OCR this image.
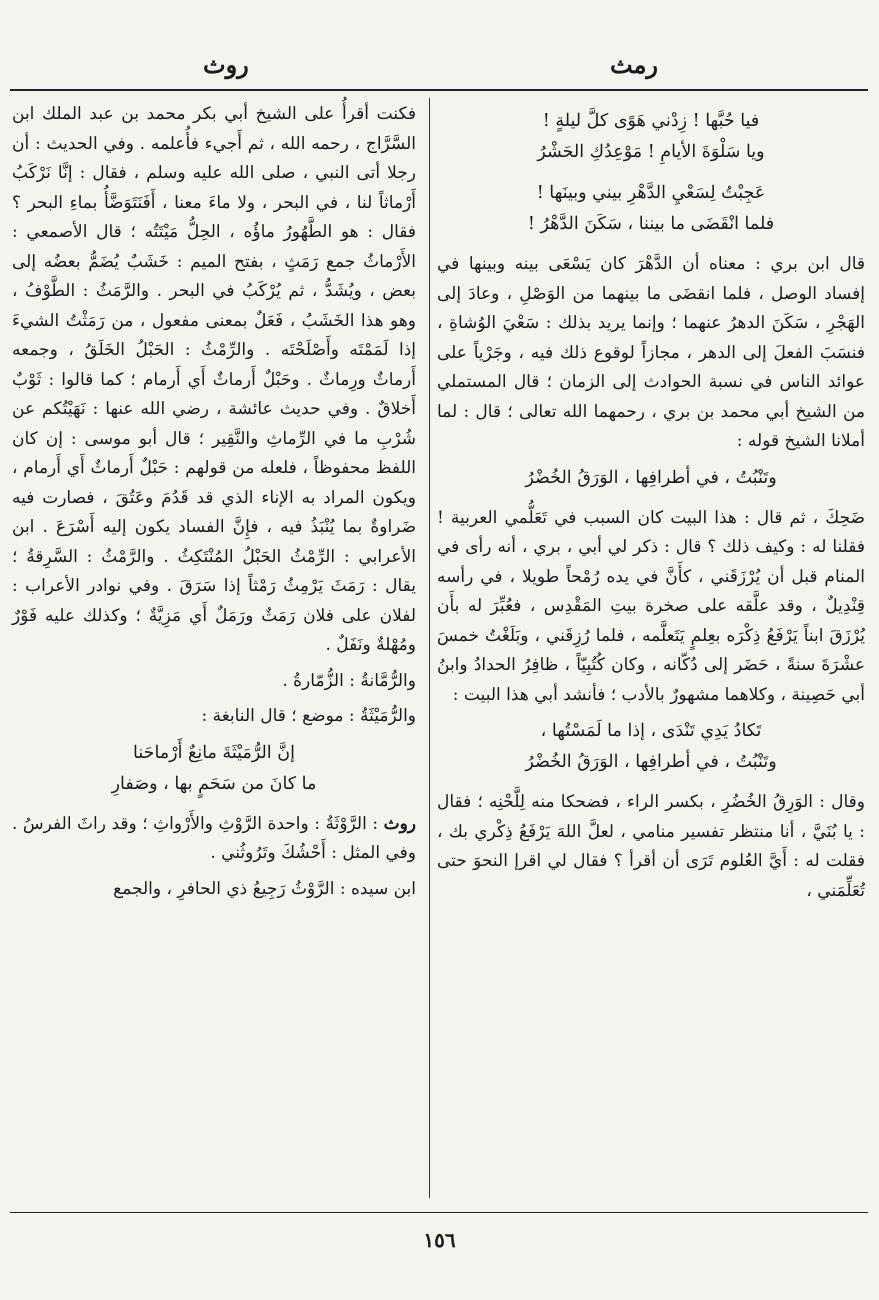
رمث
روث
فيا حُبَّها ! زِدْني هَوًى كلَّ ليلةٍ !
ويا سَلْوَةَ الأيامِ ! مَوْعِدُكِ الحَشْرُ
عَجِبْتُ لِسَعْيِ الدَّهْرِ بيني وبينَها !
فلما انْقَضَى ما بيننا ، سَكَنَ الدَّهْرُ !

قال ابن بري : معناه أن الدَّهْرَ كان يَسْعَى بينه وبينها في إفساد الوصل ، فلما انقضَى ما بينهما من الوَصْلِ ، وعادَ إلى الهَجْرِ ، سَكَنَ الدهرُ عنهما ؛ وإنما يريد بذلك : سَعْيَ الوُشاةِ ، فنسَبَ الفعلَ إلى الدهر ، مجازاً لوقوع ذلك فيه ، وجَرْياً على عوائد الناس في نسبة الحوادث إلى الزمان ؛ قال المستملي من الشيخ أبي محمد بن بري ، رحمهما الله تعالى ؛ قال : لما أملانا الشيخ قوله :

وتَنْبُتُ ، في أطرافِها ، الوَرَقُ الخُضْرُ

ضَحِكَ ، ثم قال : هذا البيت كان السبب في تَعَلُّمي العربية ! فقلنا له : وكيف ذلك ؟ قال : ذكر لي أبي ، بري ، أنه رأى في المنام قبل أن يُرْزَقَني ، كأَنَّ في يده رُمْحاً طويلا ، في رأسه قِنْدِيلٌ ، وقد علَّقه على صخرة بيتِ المَقْدِس ، فعُبِّرَ له بأَن يُرْزَقَ ابناً يَرْفَعُ ذِكْرَه بعِلمٍ يَتَعلَّمه ، فلما رُزِقَني ، وبَلَغْتُ خمسَ عشْرَةَ سنةً ، حَضَر إلى دُكّانه ، وكان كُتُبِيّاً ، ظافِرُ الحدادُ وابنُ أبي حَصِينة ، وكلاهما مشهورٌ بالأدب ؛ فأنشد أبي هذا البيت :

تَكادُ يَدِي تَنْدَى ، إذا ما لَمَسْتُها ،
وتَنْبُتُ ، في أطرافِها ، الوَرَقُ الخُضْرُ

وقال : الوَرِقُ الخُضُرِ ، بكسر الراء ، فضحكا منه لِلَّحْنِه ؛ فقال : يا بُنَيَّ ، أنا منتظر تفسير منامي ، لعلَّ اللهَ يَرْفَعُ ذِكْري بك ، فقلت له : أَيَّ العُلوم تَرَى أن أقرأ ؟ فقال لي اقرإ النحوَ حتى تُعَلِّمَني ،

فكنت أقرأُ على الشيخ أبي بكر محمد بن عبد الملك ابن السَّرَّاج ، رحمه الله ، ثم أَجيء فأُعلمه . وفي الحديث : أن رجلا أتى النبي ، صلى الله عليه وسلم ، فقال : إنَّا نَرْكَبُ أَرْماثاً لنا ، في البحر ، ولا ماءَ معنا ، أَفَنَتَوَضَّأُ بماءِ البحر ؟ فقال : هو الطَّهُورُ ماؤُه ، الحِلُّ مَيْتَتُه ؛ قال الأصمعي : الأَرْماثُ جمع رَمَثٍ ، بفتح الميم : خَشَبٌ يُضَمُّ بعضُه إلى بعض ، ويُشَدُّ ، ثم يُرْكَبُ في البحر . والرَّمَثُ : الطَّوْفُ ، وهو هذا الخَشَبُ ، فَعَلٌ بمعنى مفعول ، من رَمَثْتُ الشيءَ إذا لَمَمْتَه وأَصْلَحْتَه . والرِّمْثُ : الحَبْلُ الخَلَقُ ، وجمعه أَرماثٌ ورِماثٌ . وحَبْلٌ أَرماثٌ أَي أَرمام ؛ كما قالوا : ثَوْبٌ أَخلاقٌ . وفي حديث عائشة ، رضي الله عنها : نَهَيْتُكم عن شُرْبِ ما في الرِّماثِ والنَّقِير ؛ قال أبو موسى : إن كان اللفظ محفوظاً ، فلعله من قولهم : حَبْلٌ أَرماثٌ أَي أَرمام ، ويكون المراد به الإناء الذي قد قَدُمَ وعَتُقَ ، فصارت فيه ضَراوةٌ بما يُنْبَذُ فيه ، فإِنَّ الفساد يكون إليه أَسْرَعَ . ابن الأعرابي : الرِّمْثُ الحَبْلُ المُنْتَكِثُ . والرَّمْثُ : السَّرِقةُ ؛ يقال : رَمَثَ يَرْمِثُ رَمْثاً إذا سَرَقَ . وفي نوادر الأعراب : لفلان على فلان رَمَثٌ ورَمَلٌ أَي مَزِيَّةٌ ؛ وكذلك عليه فَوْرٌ ومُهْلةٌ ونَفَلٌ .

والرُّمَّانةُ : الزُّمّارةُ .

والرُّمَيْثَةُ : موضع ؛ قال النابغة :

إنَّ الرُّمَيْثَةَ مانِعٌ أَرْماحَنا
ما كانَ من سَحَمٍ بها ، وصَفارِ

روث : الرَّوْثَةُ : واحدة الرَّوْثِ والأَرْواثِ ؛ وقد راثَ الفرسُ . وفي المثل : أَحْشُكَ وتَرُوثُني .

ابن سيده : الرَّوْثُ رَجِيعُ ذي الحافرِ ، والجمع

١٥٦
